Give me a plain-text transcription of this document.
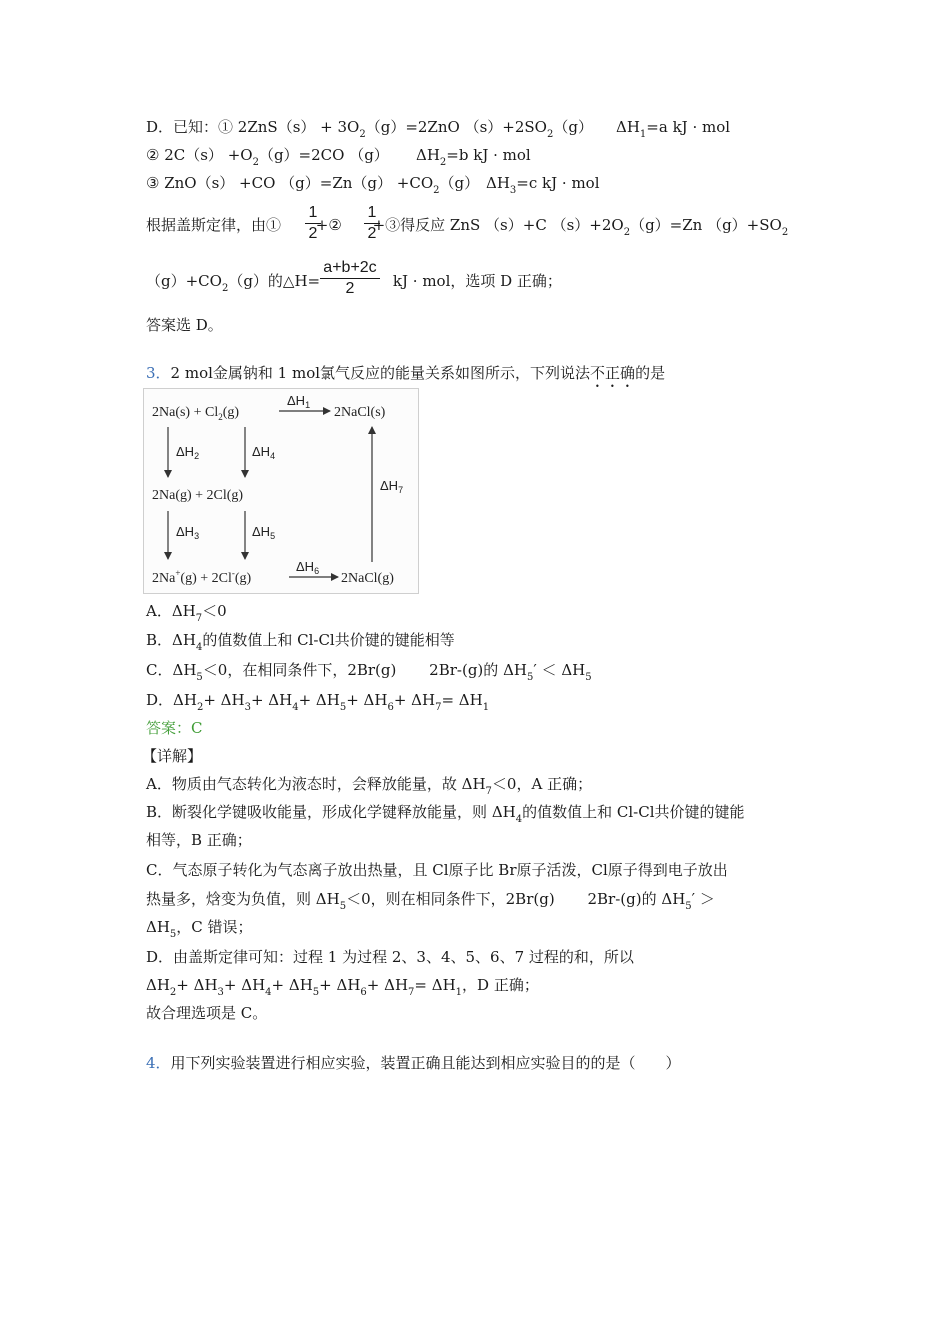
D．已知：① $2ZnS(s) + 3O_2(g)=2ZnO$ $(s)+2SO_2(g)$ $\Delta H_1=a$ kJ · mol
② $2C(s) +O_2(g)=2CO$ （g） $\Delta H_2=b$ kJ · mol
③ ZnO（s） +CO $(g)=Zn(g) +CO_2(g)$ $\Delta H_3=c$ kJ · mol
根据盖斯定律，由① +② +③得反应 ZnS （s）+C $(s)+2O_2(g)=Zn$ $(g)+SO_2$
1
2
1
2
$(g)+CO_2(g)$的△H=	kJ · mol，选项 D 正确；
a+b+2c
2
答案选 D。
3．2 mol金属钠和 1 mol氯气反应的能量关系如图所示，下列说法不正确的是
$2Na(s) + Cl_2(g)$
$\Delta H_1$ 2NaCl(s)
$\Delta H_2$	$\Delta H_4$
2Na(g) + 2Cl(g)
$\Delta H_3$	$\Delta H_5$
$\Delta H_7$
2Na+(g) + 2Cl-(g)
$\Delta H_6$ 2NaCl(g)
A．$\Delta H_7<0$
B．$\Delta H_4$的值数值上和 Cl-Cl共价键的键能相等
C．$\Delta H_5<0$，在相同条件下，2Br(g) 2Br-(g)的 $\Delta H_5' < \Delta H_5$
D．$\Delta H_2+ \Delta H_3+ \Delta H_4+ \Delta H_5+ \Delta H_6+ \Delta H_7= \Delta H_1$
答案：C
【详解】
A．物质由气态转化为液态时，会释放能量，故 $\Delta H_7<0$，A 正确；
B．断裂化学键吸收能量，形成化学键释放能量，则 $\Delta H_4$的值数值上和 Cl-Cl共价键的键能
相等，B 正确；
C．气态原子转化为气态离子放出热量，且 Cl原子比 Br原子活泼，Cl原子得到电子放出
热量多，焓变为负值，则 $\Delta H_5<0$，则在相同条件下，2Br(g) 2Br-(g)的 $\Delta H_5'$ ＞
$\Delta H_5$，C 错误；
D．由盖斯定律可知：过程 1 为过程 2、3、4、5、6、7 过程的和，所以
$\Delta H_2+ \Delta H_3+ \Delta H_4+ \Delta H_5+ \Delta H_6+ \Delta H_7= \Delta H_1$，D 正确；
故合理选项是 C。
4．用下列实验装置进行相应实验，装置正确且能达到相应实验目的的是（　　）
